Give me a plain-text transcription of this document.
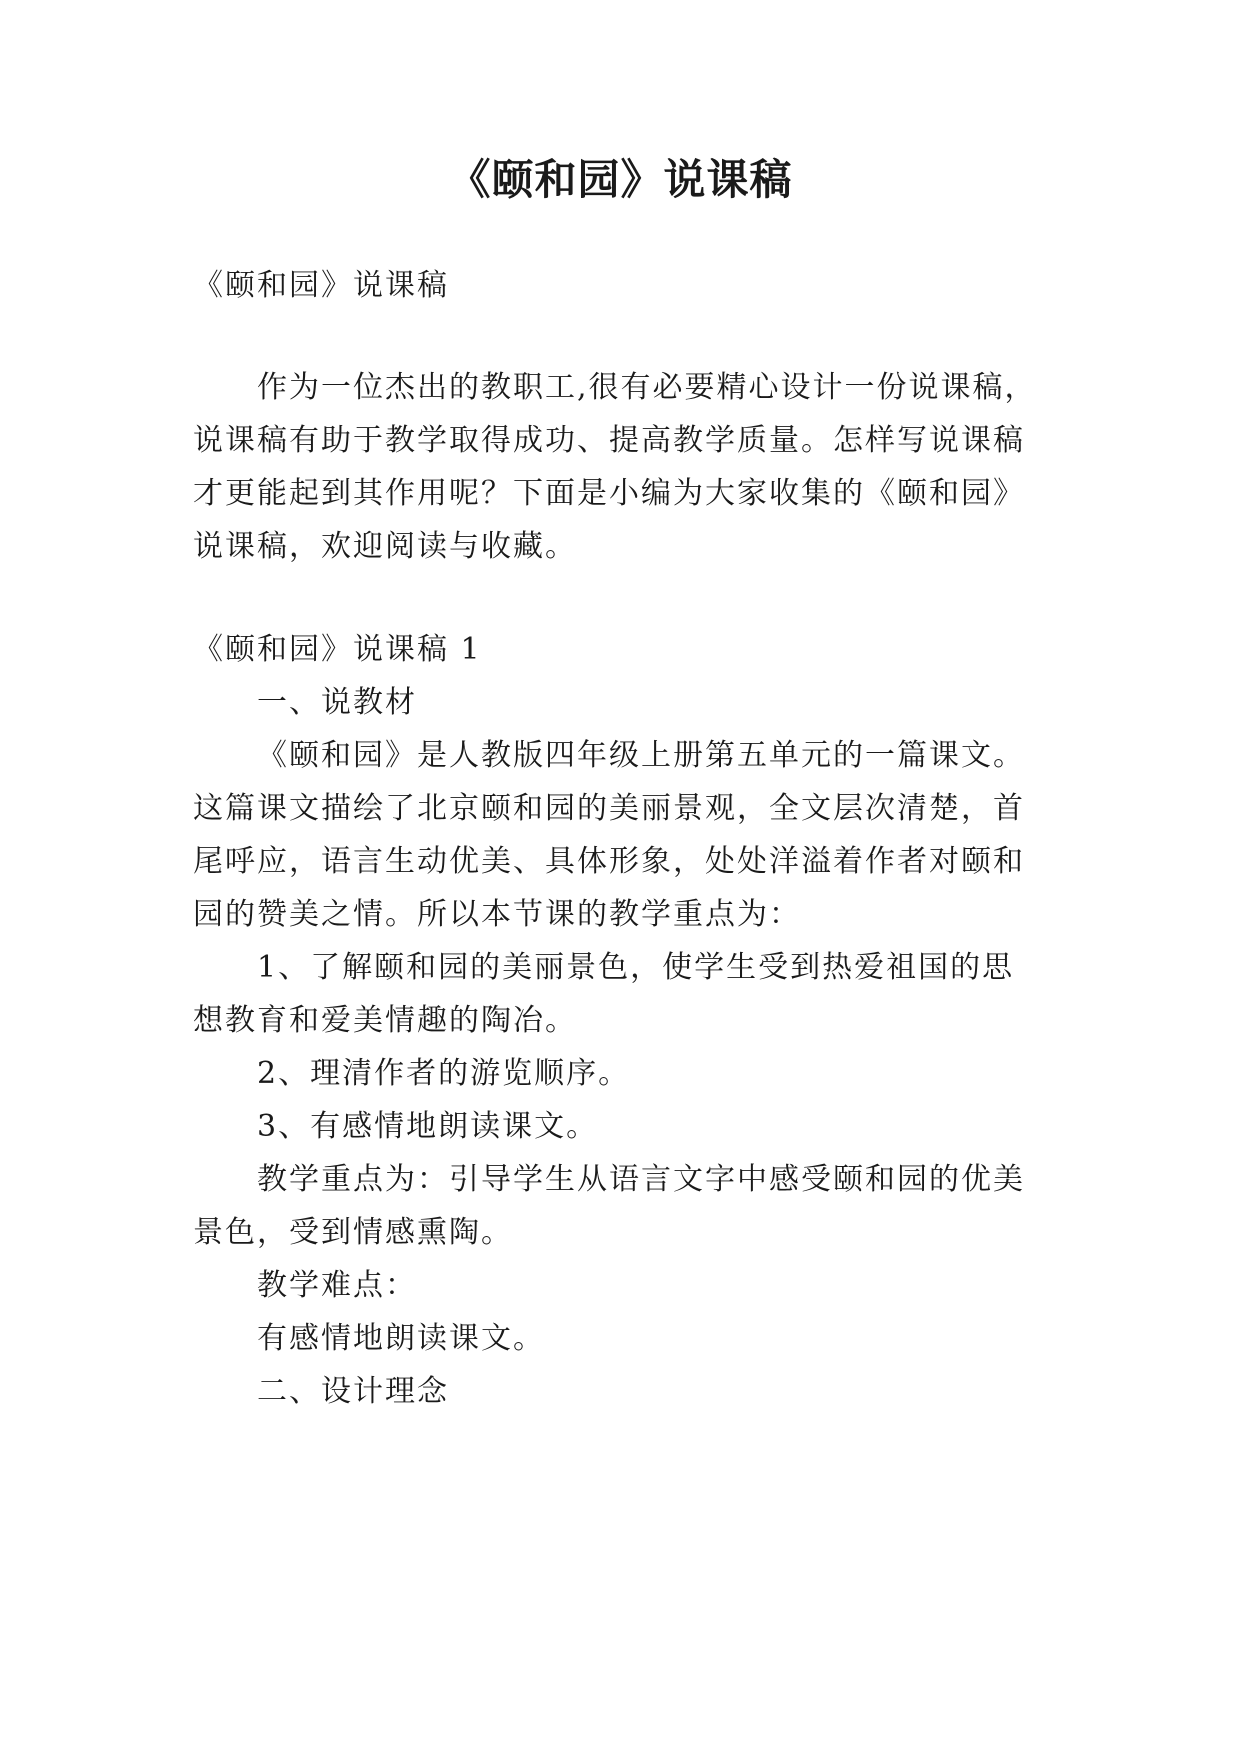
《颐和园》说课稿

《颐和园》说课稿

作为一位杰出的教职工,很有必要精心设计一份说课稿，

说课稿有助于教学取得成功、提高教学质量。怎样写说课稿

才更能起到其作用呢？下面是小编为大家收集的《颐和园》

说课稿，欢迎阅读与收藏。

《颐和园》说课稿 1

一、说教材

《颐和园》是人教版四年级上册第五单元的一篇课文。

这篇课文描绘了北京颐和园的美丽景观，全文层次清楚，首

尾呼应，语言生动优美、具体形象，处处洋溢着作者对颐和

园的赞美之情。所以本节课的教学重点为：

1、了解颐和园的美丽景色，使学生受到热爱祖国的思

想教育和爱美情趣的陶冶。

2、理清作者的游览顺序。

3、有感情地朗读课文。

教学重点为：引导学生从语言文字中感受颐和园的优美

景色，受到情感熏陶。

教学难点：

有感情地朗读课文。

二、设计理念
